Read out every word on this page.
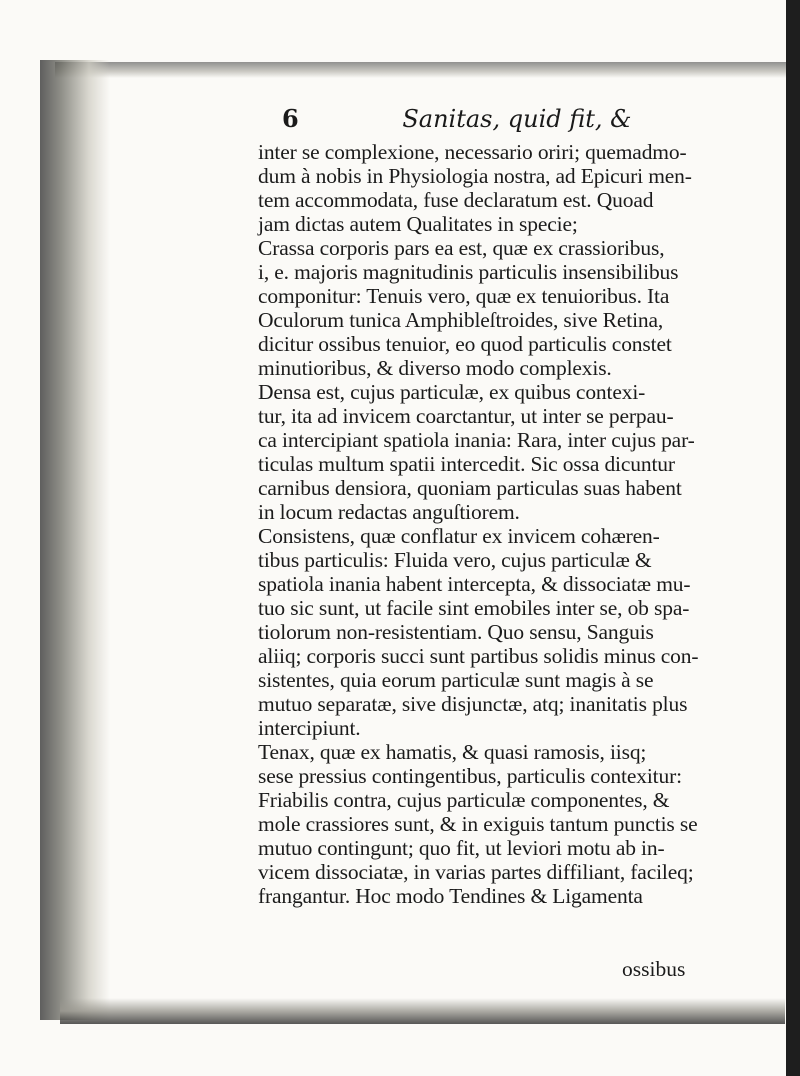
6	Sanitas, quid fit, &
inter se complexione, necessario oriri; quemadmo-
dum à nobis in Physiologia nostra, ad Epicuri men-
tem accommodata, fuse declaratum est. Quoad
jam dictas autem Qualitates in specie;
Crassa corporis pars ea est, quæ ex crassioribus,
i, e. majoris magnitudinis particulis insensibilibus
componitur: Tenuis vero, quæ ex tenuioribus. Ita
Oculorum tunica Amphibleſtroides, sive Retina,
dicitur ossibus tenuior, eo quod particulis constet
minutioribus, & diverso modo complexis.
Densa est, cujus particulæ, ex quibus contexi-
tur, ita ad invicem coarctantur, ut inter se perpau-
ca intercipiant spatiola inania: Rara, inter cujus par-
ticulas multum spatii intercedit. Sic ossa dicuntur
carnibus densiora, quoniam particulas suas habent
in locum redactas anguſtiorem.
Consistens, quæ conflatur ex invicem cohæren-
tibus particulis: Fluida vero, cujus particulæ &
spatiola inania habent intercepta, & dissociatæ mu-
tuo sic sunt, ut facile sint emobiles inter se, ob spa-
tiolorum non-resistentiam. Quo sensu, Sanguis
aliiq; corporis succi sunt partibus solidis minus con-
sistentes, quia eorum particulæ sunt magis à se
mutuo separatæ, sive disjunctæ, atq; inanitatis plus
intercipiunt.
Tenax, quæ ex hamatis, & quasi ramosis, iisq;
sese pressius contingentibus, particulis contexitur:
Friabilis contra, cujus particulæ componentes, &
mole crassiores sunt, & in exiguis tantum punctis se
mutuo contingunt; quo fit, ut leviori motu ab in-
vicem dissociatæ, in varias partes diffiliant, facileq;
frangantur. Hoc modo Tendines & Ligamenta
ossibus
